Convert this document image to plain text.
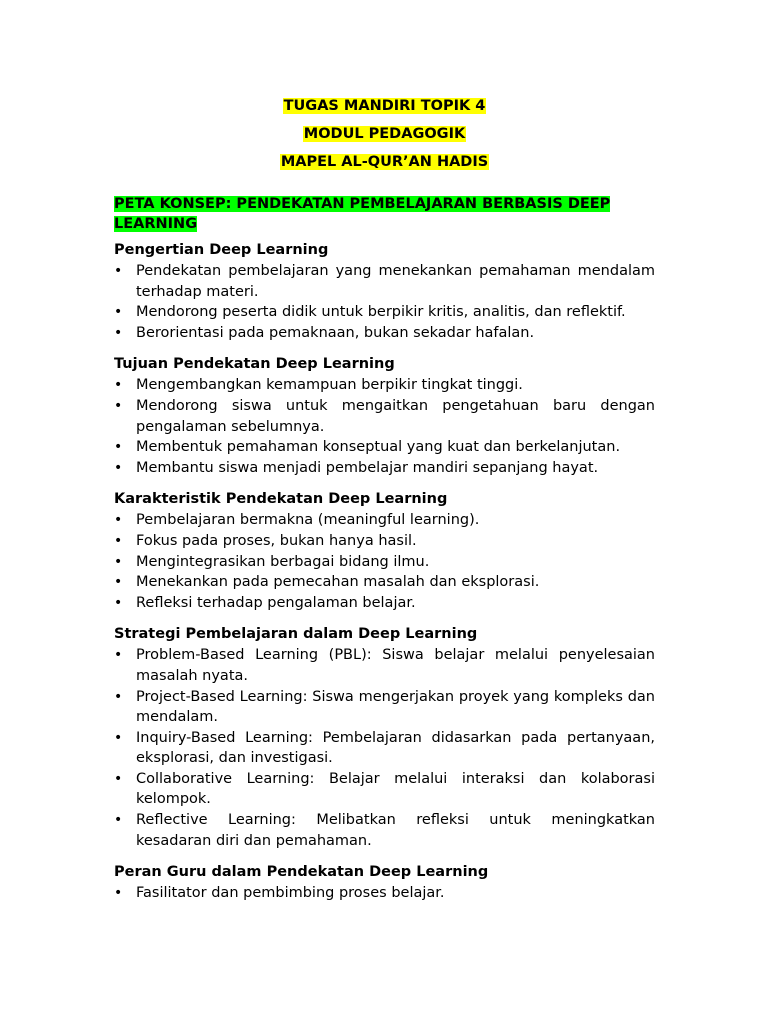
TUGAS MANDIRI TOPIK 4
MODUL PEDAGOGIK
MAPEL AL-QUR’AN HADIS
PETA KONSEP: PENDEKATAN PEMBELAJARAN BERBASIS DEEP LEARNING
Pengertian Deep Learning
• Pendekatan pembelajaran yang menekankan pemahaman mendalam terhadap materi.
• Mendorong peserta didik untuk berpikir kritis, analitis, dan reflektif.
• Berorientasi pada pemaknaan, bukan sekadar hafalan.
Tujuan Pendekatan Deep Learning
• Mengembangkan kemampuan berpikir tingkat tinggi.
• Mendorong siswa untuk mengaitkan pengetahuan baru dengan pengalaman sebelumnya.
• Membentuk pemahaman konseptual yang kuat dan berkelanjutan.
• Membantu siswa menjadi pembelajar mandiri sepanjang hayat.
Karakteristik Pendekatan Deep Learning
• Pembelajaran bermakna (meaningful learning).
• Fokus pada proses, bukan hanya hasil.
• Mengintegrasikan berbagai bidang ilmu.
• Menekankan pada pemecahan masalah dan eksplorasi.
• Refleksi terhadap pengalaman belajar.
Strategi Pembelajaran dalam Deep Learning
• Problem-Based Learning (PBL): Siswa belajar melalui penyelesaian masalah nyata.
• Project-Based Learning: Siswa mengerjakan proyek yang kompleks dan mendalam.
• Inquiry-Based Learning: Pembelajaran didasarkan pada pertanyaan, eksplorasi, dan investigasi.
• Collaborative Learning: Belajar melalui interaksi dan kolaborasi kelompok.
• Reflective Learning: Melibatkan refleksi untuk meningkatkan kesadaran diri dan pemahaman.
Peran Guru dalam Pendekatan Deep Learning
• Fasilitator dan pembimbing proses belajar.
